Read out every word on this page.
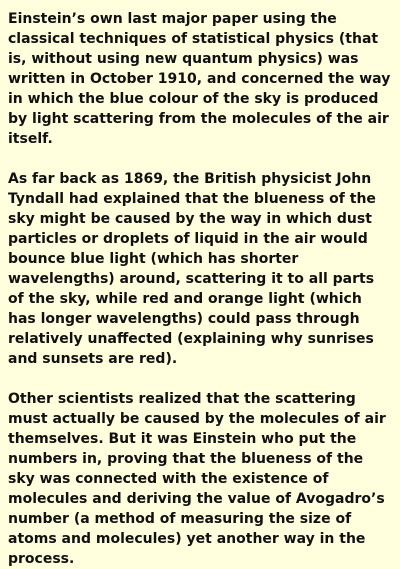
Einstein’s own last major paper using the classical techniques of statistical physics (that is, without using new quantum physics) was written in October 1910, and concerned the way in which the blue colour of the sky is produced by light scattering from the molecules of the air itself.

As far back as 1869, the British physicist John Tyndall had explained that the blueness of the sky might be caused by the way in which dust particles or droplets of liquid in the air would bounce blue light (which has shorter wavelengths) around, scattering it to all parts of the sky, while red and orange light (which has longer wavelengths) could pass through relatively unaffected (explaining why sunrises and sunsets are red).

Other scientists realized that the scattering must actually be caused by the molecules of air themselves. But it was Einstein who put the numbers in, proving that the blueness of the sky was connected with the existence of molecules and deriving the value of Avogadro’s number (a method of measuring the size of atoms and molecules) yet another way in the process.
